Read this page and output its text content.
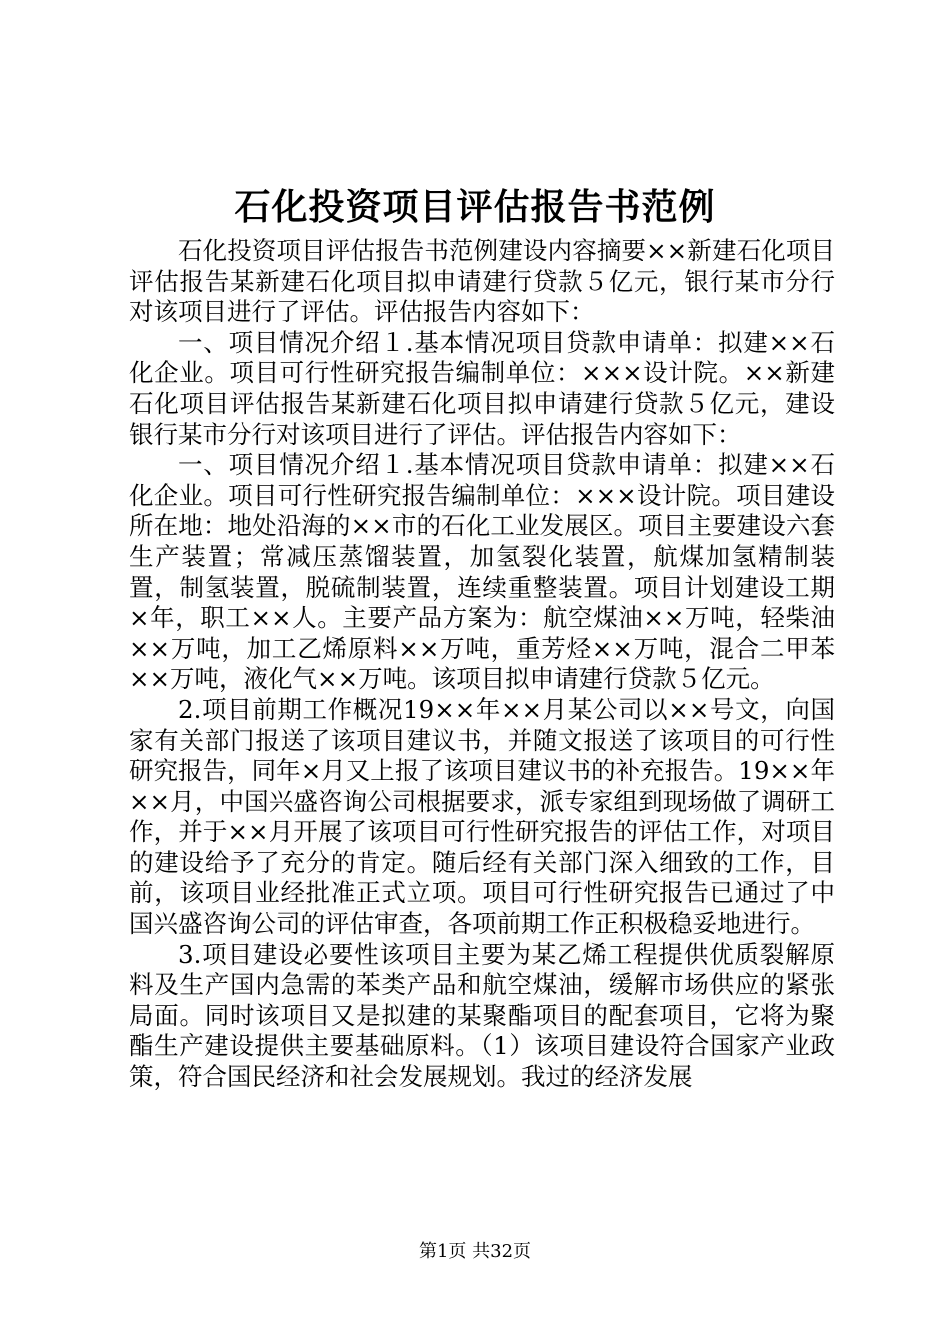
石化投资项目评估报告书范例

石化投资项目评估报告书范例建设内容摘要××新建石化项目评估报告某新建石化项目拟申请建行贷款５亿元，银行某市分行对该项目进行了评估。评估报告内容如下：

一、项目情况介绍１.基本情况项目贷款申请单：拟建××石化企业。项目可行性研究报告编制单位：×××设计院。××新建石化项目评估报告某新建石化项目拟申请建行贷款５亿元，建设银行某市分行对该项目进行了评估。评估报告内容如下：

一、项目情况介绍１.基本情况项目贷款申请单：拟建××石化企业。项目可行性研究报告编制单位：×××设计院。项目建设所在地：地处沿海的××市的石化工业发展区。项目主要建设六套生产装置；常减压蒸馏装置，加氢裂化装置，航煤加氢精制装置，制氢装置，脱硫制装置，连续重整装置。项目计划建设工期×年，职工××人。主要产品方案为：航空煤油××万吨，轻柴油××万吨，加工乙烯原料××万吨，重芳烃××万吨，混合二甲苯××万吨，液化气××万吨。该项目拟申请建行贷款５亿元。

2.项目前期工作概况19××年××月某公司以××号文，向国家有关部门报送了该项目建议书，并随文报送了该项目的可行性研究报告，同年×月又上报了该项目建议书的补充报告。19××年××月，中国兴盛咨询公司根据要求，派专家组到现场做了调研工作，并于××月开展了该项目可行性研究报告的评估工作，对项目的建设给予了充分的肯定。随后经有关部门深入细致的工作，目前，该项目业经批准正式立项。项目可行性研究报告已通过了中国兴盛咨询公司的评估审查，各项前期工作正积极稳妥地进行。

3.项目建设必要性该项目主要为某乙烯工程提供优质裂解原料及生产国内急需的苯类产品和航空煤油，缓解市场供应的紧张局面。同时该项目又是拟建的某聚酯项目的配套项目，它将为聚酯生产建设提供主要基础原料。（1）该项目建设符合国家产业政策，符合国民经济和社会发展规划。我过的经济发展

第1页 共32页
